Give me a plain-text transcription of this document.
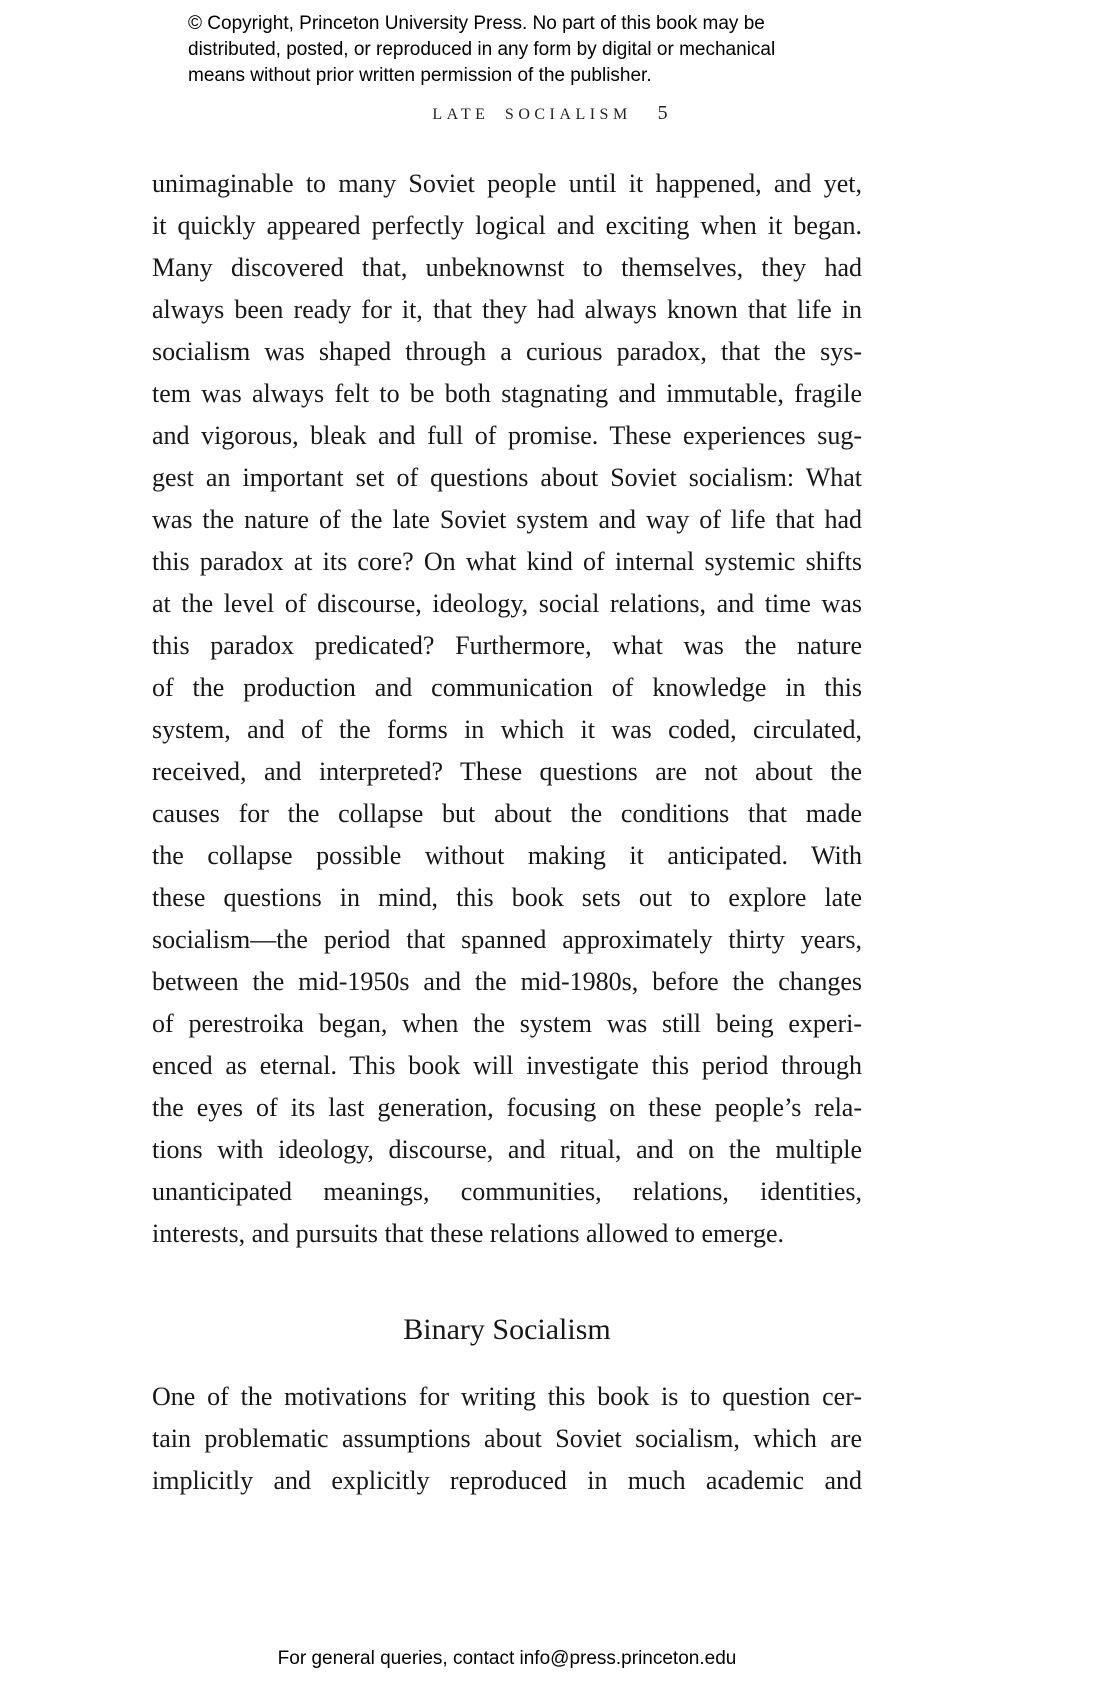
© Copyright, Princeton University Press. No part of this book may be
distributed, posted, or reproduced in any form by digital or mechanical
means without prior written permission of the publisher.
LATE SOCIALISM 5
unimaginable to many Soviet people until it happened, and yet,
it quickly appeared perfectly logical and exciting when it began.
Many discovered that, unbeknownst to themselves, they had
always been ready for it, that they had always known that life in
socialism was shaped through a curious paradox, that the sys-
tem was always felt to be both stagnating and immutable, fragile
and vigorous, bleak and full of promise. These experiences sug-
gest an important set of questions about Soviet socialism: What
was the nature of the late Soviet system and way of life that had
this paradox at its core? On what kind of internal systemic shifts
at the level of discourse, ideology, social relations, and time was
this paradox predicated? Furthermore, what was the nature
of the production and communication of knowledge in this
system, and of the forms in which it was coded, circulated,
received, and interpreted? These questions are not about the
causes for the collapse but about the conditions that made
the collapse possible without making it anticipated. With
these questions in mind, this book sets out to explore late
socialism—the period that spanned approximately thirty years,
between the mid-1950s and the mid-1980s, before the changes
of perestroika began, when the system was still being experi-
enced as eternal. This book will investigate this period through
the eyes of its last generation, focusing on these people’s rela-
tions with ideology, discourse, and ritual, and on the multiple
unanticipated meanings, communities, relations, identities,
interests, and pursuits that these relations allowed to emerge.
Binary Socialism
One of the motivations for writing this book is to question cer-
tain problematic assumptions about Soviet socialism, which are
implicitly and explicitly reproduced in much academic and
For general queries, contact info@press.princeton.edu
